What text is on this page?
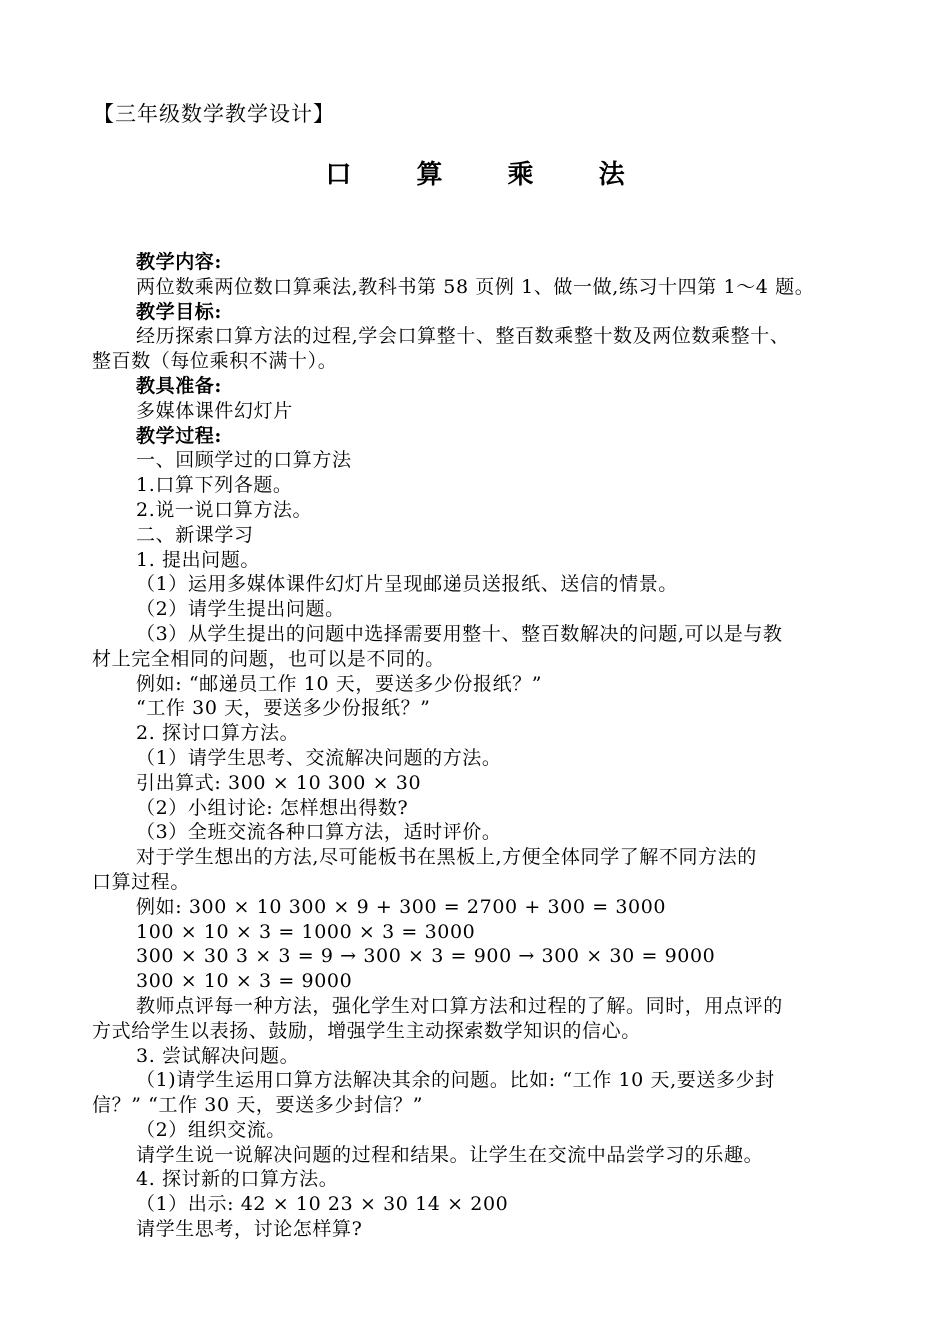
【三年级数学教学设计】
口 算 乘 法
教学内容:
两位数乘两位数口算乘法,教科书第 58 页例 1、做一做,练习十四第 1～4 题。
教学目标:
经历探索口算方法的过程,学会口算整十、整百数乘整十数及两位数乘整十、
整百数（每位乘积不满十）。
教具准备:
多媒体课件幻灯片
教学过程:
一、回顾学过的口算方法
1.口算下列各题。
2.说一说口算方法。
二、新课学习
1. 提出问题。
（1）运用多媒体课件幻灯片呈现邮递员送报纸、送信的情景。
（2）请学生提出问题。
（3）从学生提出的问题中选择需要用整十、整百数解决的问题,可以是与教
材上完全相同的问题，也可以是不同的。
例如: “邮递员工作 10 天，要送多少份报纸？”
“工作 30 天，要送多少份报纸？”
2. 探讨口算方法。
（1）请学生思考、交流解决问题的方法。
引出算式: 300 × 10 300 × 30
（2）小组讨论: 怎样想出得数?
（3）全班交流各种口算方法，适时评价。
对于学生想出的方法,尽可能板书在黑板上,方便全体同学了解不同方法的
口算过程。
例如: 300 × 10 300 × 9 + 300 = 2700 + 300 = 3000
100 × 10 × 3 = 1000 × 3 = 3000
300 × 30 3 × 3 = 9 → 300 × 3 = 900 → 300 × 30 = 9000
300 × 10 × 3 = 9000
教师点评每一种方法，强化学生对口算方法和过程的了解。同时，用点评的
方式给学生以表扬、鼓励，增强学生主动探索数学知识的信心。
3. 尝试解决问题。
（1)请学生运用口算方法解决其余的问题。比如: “工作 10 天,要送多少封
信？” “工作 30 天，要送多少封信？”
（2）组织交流。
请学生说一说解决问题的过程和结果。让学生在交流中品尝学习的乐趣。
4. 探讨新的口算方法。
（1）出示: 42 × 10 23 × 30 14 × 200
请学生思考，讨论怎样算?
